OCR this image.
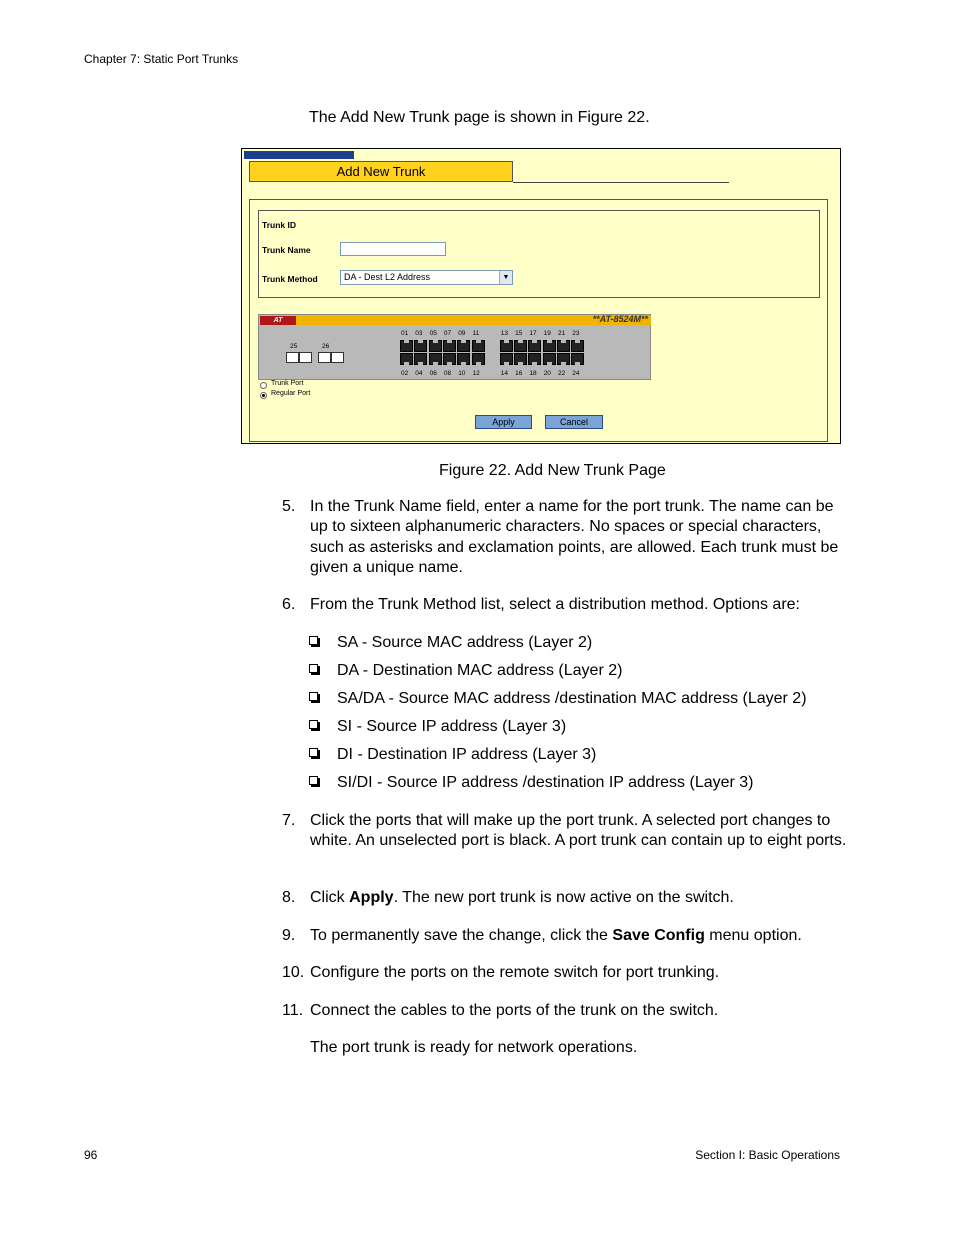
Chapter 7: Static Port Trunks
The Add New Trunk page is shown in Figure 22.
Add New Trunk
Trunk ID
Trunk Name
Trunk Method	DA - Dest L2 Address	▼
AT	**AT-8524M**
25	26
01 03 05 07 09 11	13 15 17 19 21 23
02 04 06 08 10 12	14 16 18 20 22 24
Trunk Port
Regular Port
Apply	Cancel
Figure 22. Add New Trunk Page
5. In the Trunk Name field, enter a name for the port trunk. The name can be up to sixteen alphanumeric characters. No spaces or special characters, such as asterisks and exclamation points, are allowed. Each trunk must be given a unique name.
6. From the Trunk Method list, select a distribution method. Options are:
SA - Source MAC address (Layer 2)
DA - Destination MAC address (Layer 2)
SA/DA - Source MAC address /destination MAC address (Layer 2)
SI - Source IP address (Layer 3)
DI - Destination IP address (Layer 3)
SI/DI - Source IP address /destination IP address (Layer 3)
7. Click the ports that will make up the port trunk. A selected port changes to white. An unselected port is black. A port trunk can contain up to eight ports.
8. Click Apply. The new port trunk is now active on the switch.
9. To permanently save the change, click the Save Config menu option.
10. Configure the ports on the remote switch for port trunking.
11. Connect the cables to the ports of the trunk on the switch.
The port trunk is ready for network operations.
96	Section I: Basic Operations
